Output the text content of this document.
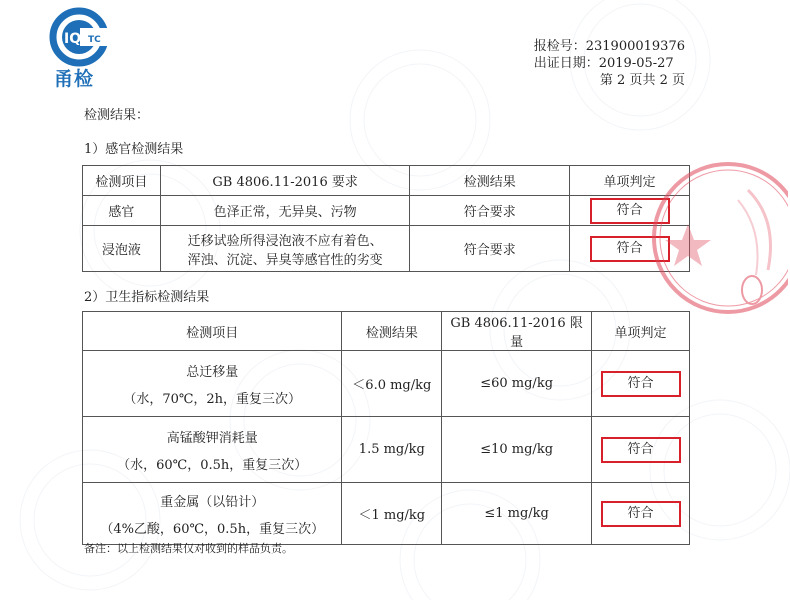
IQ TC
甬检
报检号：231900019376
出证日期：2019-05-27
第 2 页共 2 页
检测结果：
1）感官检测结果
检测项目	GB 4806.11-2016 要求	检测结果	单项判定
感官	色泽正常，无异臭、污物	符合要求	符合
浸泡液	迁移试验所得浸泡液不应有着色、
浑浊、沉淀、异臭等感官性的劣变	符合要求	符合
2）卫生指标检测结果
检测项目	检测结果	GB 4806.11-2016 限量	单项判定

总迁移量
（水，70℃，2h，重复三次）	＜6.0 mg/kg	≤60 mg/kg	符合

高锰酸钾消耗量
（水，60℃，0.5h，重复三次）	1.5 mg/kg	≤10 mg/kg	符合

重金属（以铅计）
（4%乙酸，60℃，0.5h，重复三次）	＜1 mg/kg	≤1 mg/kg	符合
备注：以上检测结果仅对收到的样品负责。
